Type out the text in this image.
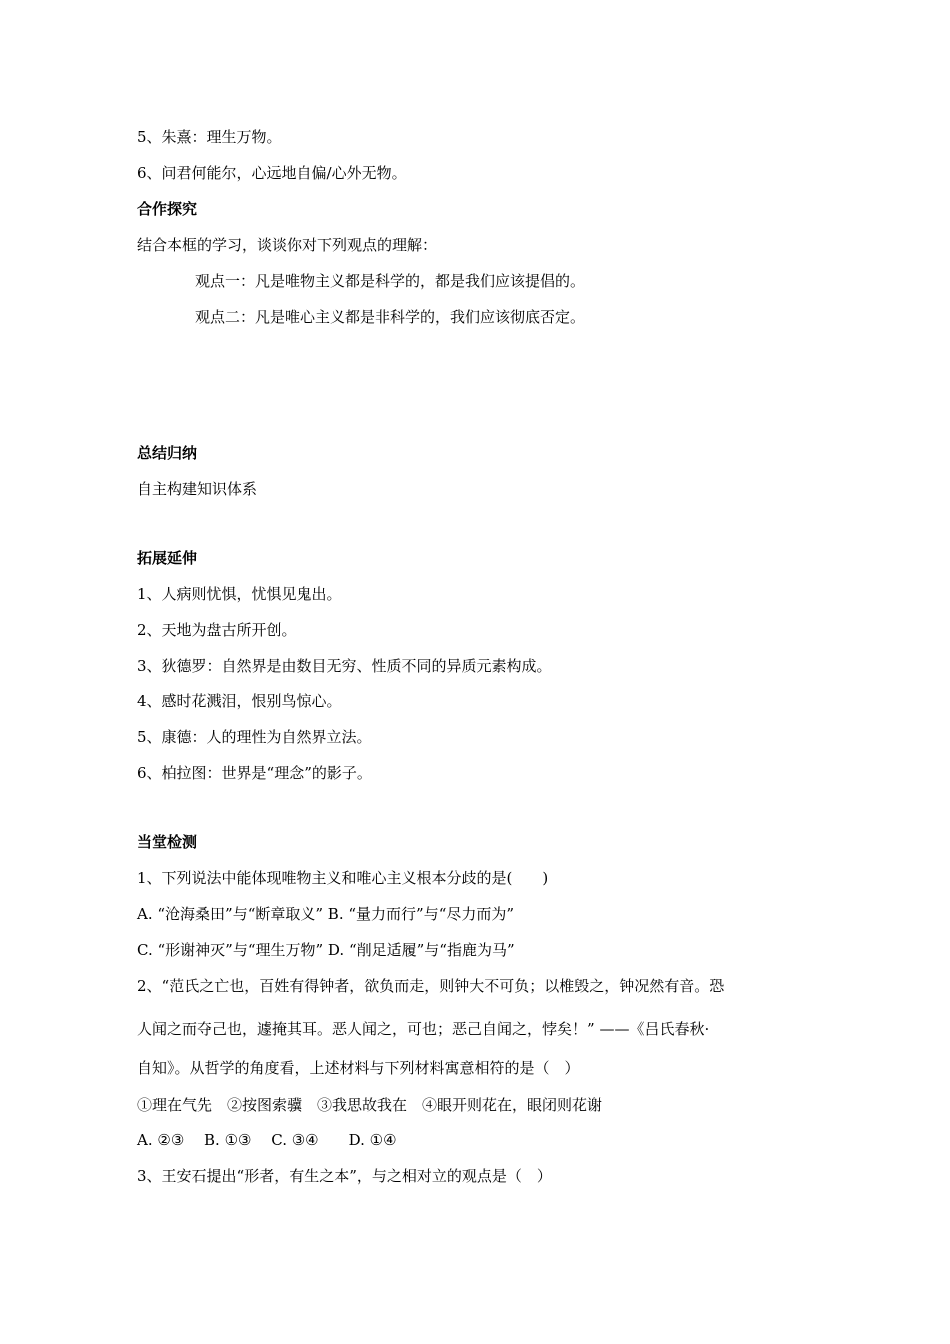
5、朱熹：理生万物。
6、问君何能尔，心远地自偏/心外无物。
合作探究
结合本框的学习，谈谈你对下列观点的理解：
观点一：凡是唯物主义都是科学的，都是我们应该提倡的。
观点二：凡是唯心主义都是非科学的，我们应该彻底否定。
总结归纳
自主构建知识体系
拓展延伸
1、人病则忧惧，忧惧见鬼出。
2、天地为盘古所开创。
3、狄德罗：自然界是由数目无穷、性质不同的异质元素构成。
4、感时花溅泪，恨别鸟惊心。
5、康德：人的理性为自然界立法。
6、柏拉图：世界是“理念”的影子。
当堂检测
1、下列说法中能体现唯物主义和唯心主义根本分歧的是(　　)
A. “沧海桑田”与“断章取义” B. “量力而行”与“尽力而为”
C. “形谢神灭”与“理生万物” D. “削足适履”与“指鹿为马”
2、“范氏之亡也，百姓有得钟者，欲负而走，则钟大不可负；以椎毁之，钟况然有音。恐
人闻之而夺己也，遽掩其耳。恶人闻之，可也；恶己自闻之，悖矣！” ——《吕氏春秋·
自知》。从哲学的角度看，上述材料与下列材料寓意相符的是（　）
①理在气先　②按图索骥　③我思故我在　④眼开则花在，眼闭则花谢
A. ②③　 B. ①③　 C. ③④　　D. ①④
3、王安石提出“形者，有生之本”，与之相对立的观点是（　）
